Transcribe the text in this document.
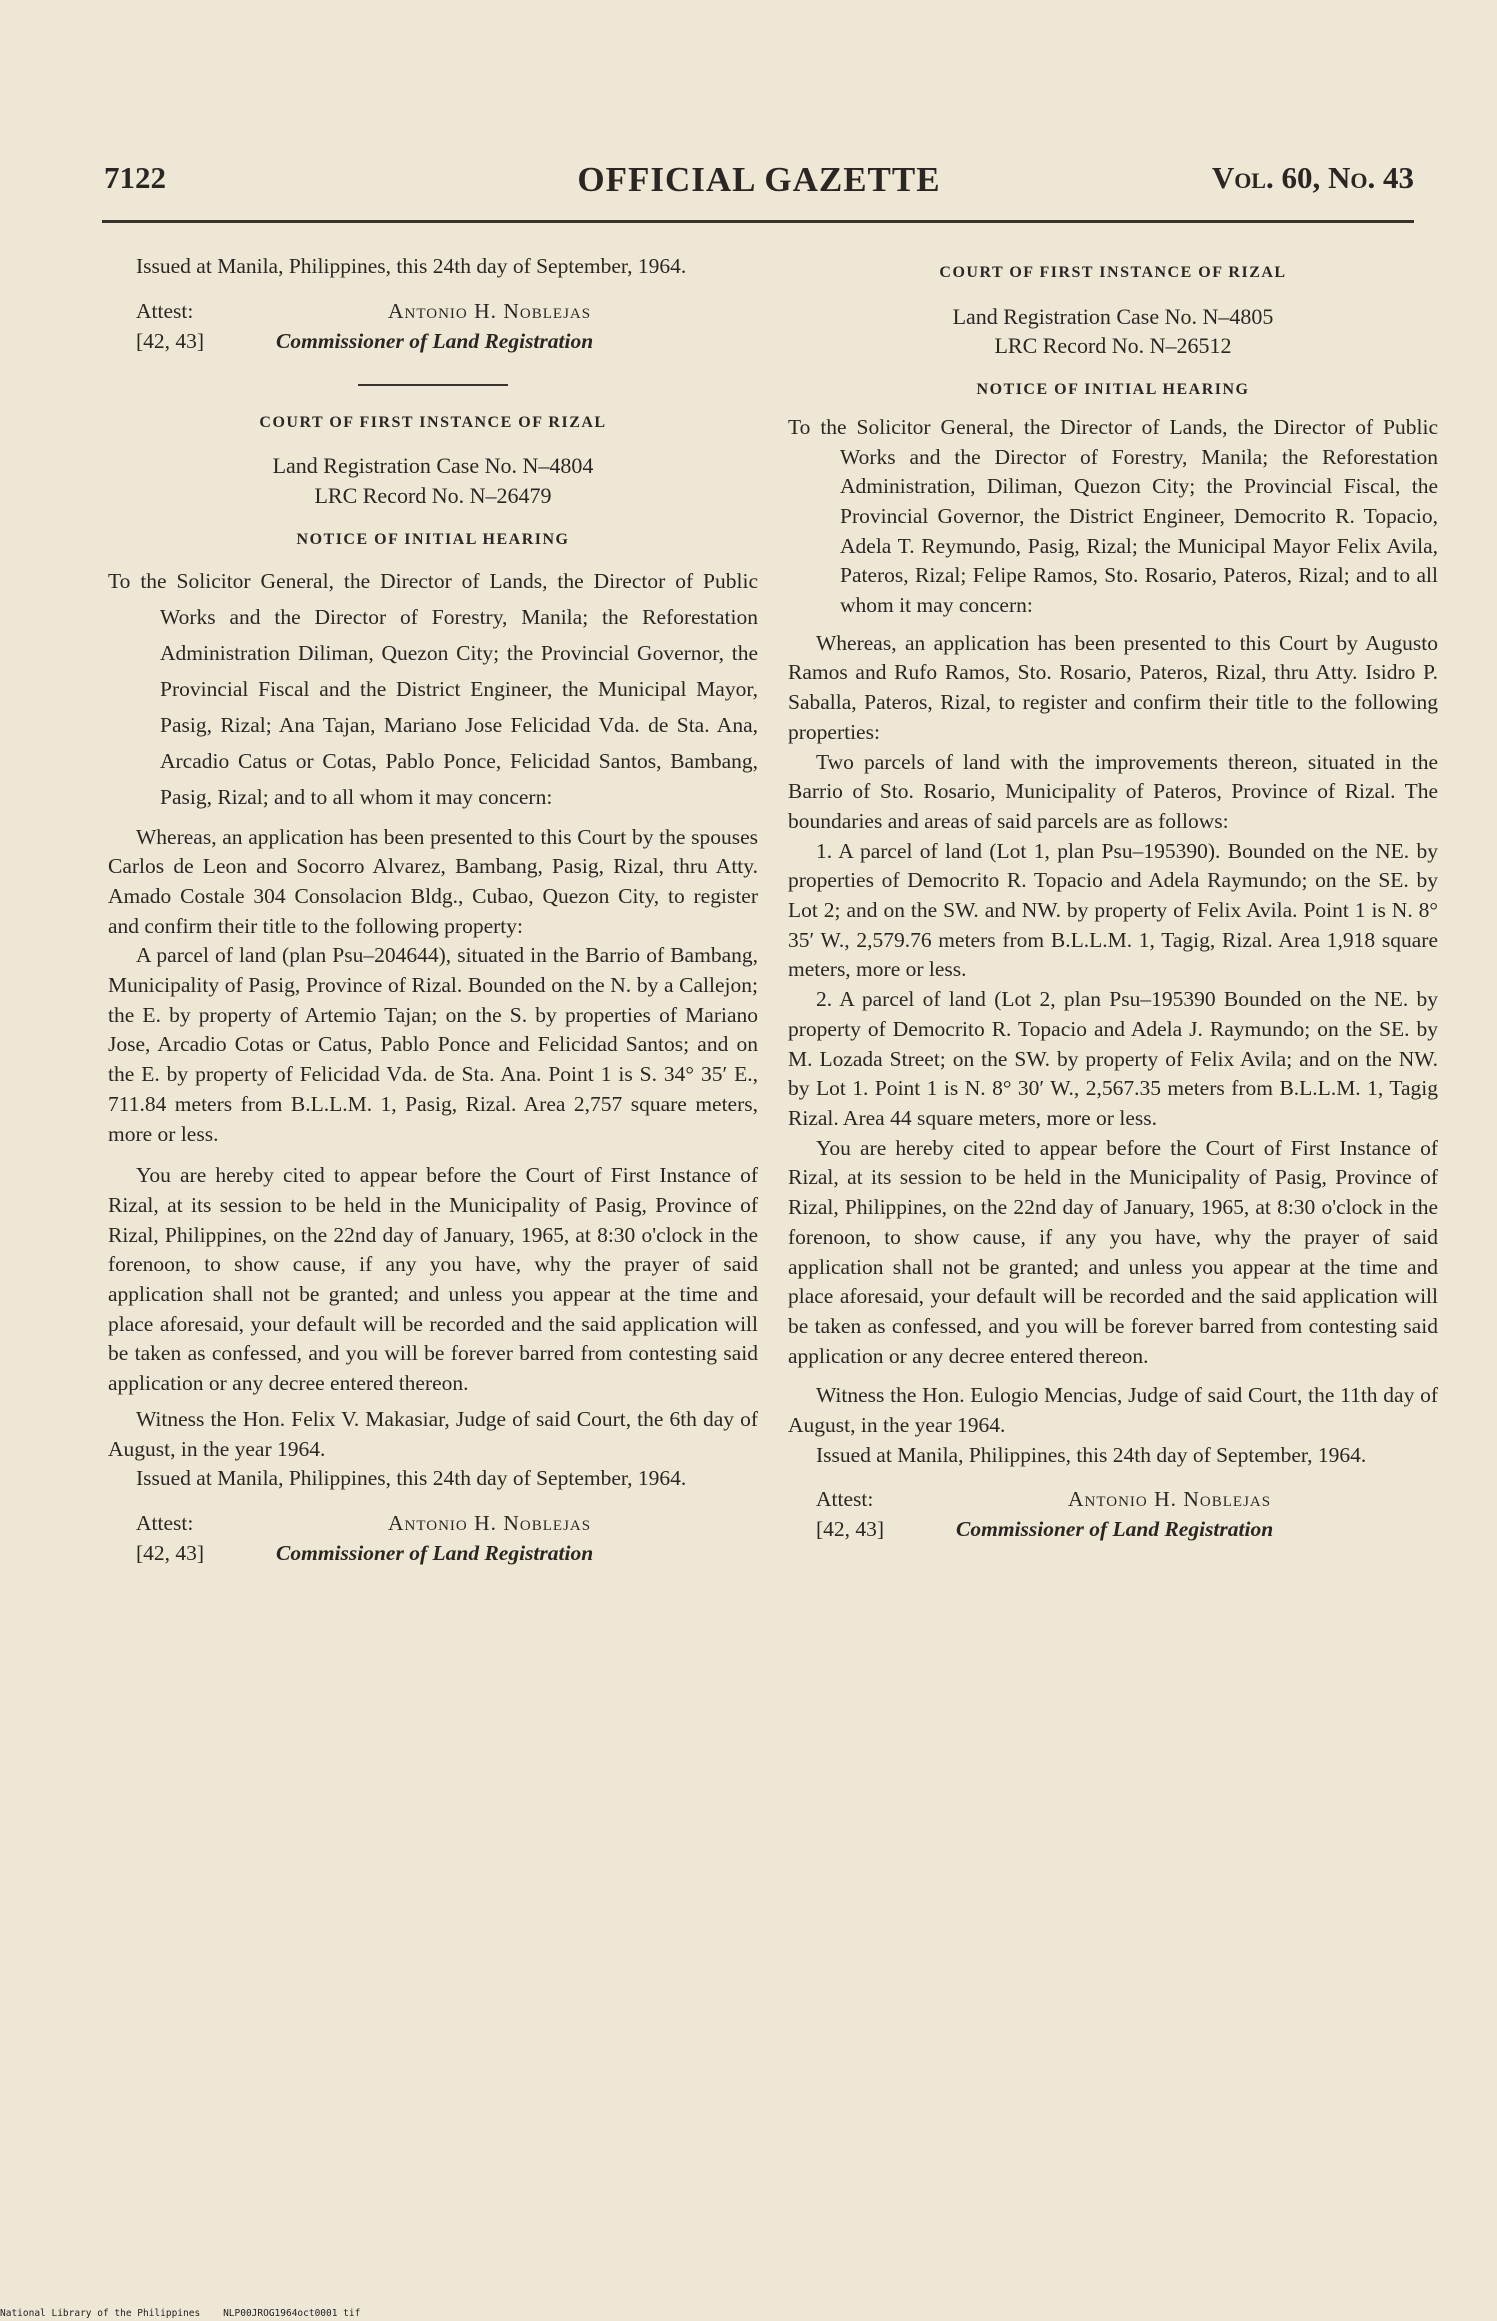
7122	OFFICIAL GAZETTE	Vol. 60, No. 43

Issued at Manila, Philippines, this 24th day of September, 1964.

Attest:
[42, 43]
Antonio H. Noblejas
Commissioner of Land Registration

COURT OF FIRST INSTANCE OF RIZAL

Land Registration Case No. N–4804

LRC Record No. N–26479

NOTICE OF INITIAL HEARING

To the Solicitor General, the Director of Lands, the Director of Public Works and the Director of Forestry, Manila; the Reforestation Administration Diliman, Quezon City; the Provincial Governor, the Provincial Fiscal and the District Engineer, the Municipal Mayor, Pasig, Rizal; Ana Tajan, Mariano Jose Felicidad Vda. de Sta. Ana, Arcadio Catus or Cotas, Pablo Ponce, Felicidad Santos, Bambang, Pasig, Rizal; and to all whom it may concern:

Whereas, an application has been presented to this Court by the spouses Carlos de Leon and Socorro Alvarez, Bambang, Pasig, Rizal, thru Atty. Amado Costale 304 Consolacion Bldg., Cubao, Quezon City, to register and confirm their title to the following property:

A parcel of land (plan Psu–204644), situated in the Barrio of Bambang, Municipality of Pasig, Province of Rizal. Bounded on the N. by a Callejon; the E. by property of Artemio Tajan; on the S. by properties of Mariano Jose, Arcadio Cotas or Catus, Pablo Ponce and Felicidad Santos; and on the E. by property of Felicidad Vda. de Sta. Ana. Point 1 is S. 34° 35′ E., 711.84 meters from B.L.L.M. 1, Pasig, Rizal. Area 2,757 square meters, more or less.

You are hereby cited to appear before the Court of First Instance of Rizal, at its session to be held in the Municipality of Pasig, Province of Rizal, Philippines, on the 22nd day of January, 1965, at 8:30 o'clock in the forenoon, to show cause, if any you have, why the prayer of said application shall not be granted; and unless you appear at the time and place aforesaid, your default will be recorded and the said application will be taken as confessed, and you will be forever barred from contesting said application or any decree entered thereon.

Witness the Hon. Felix V. Makasiar, Judge of said Court, the 6th day of August, in the year 1964.

Issued at Manila, Philippines, this 24th day of September, 1964.

Attest:
[42, 43]
Antonio H. Noblejas
Commissioner of Land Registration

COURT OF FIRST INSTANCE OF RIZAL

Land Registration Case No. N–4805

LRC Record No. N–26512

NOTICE OF INITIAL HEARING

To the Solicitor General, the Director of Lands, the Director of Public Works and the Director of Forestry, Manila; the Reforestation Administration, Diliman, Quezon City; the Provincial Fiscal, the Provincial Governor, the District Engineer, Democrito R. Topacio, Adela T. Reymundo, Pasig, Rizal; the Municipal Mayor Felix Avila, Pateros, Rizal; Felipe Ramos, Sto. Rosario, Pateros, Rizal; and to all whom it may concern:

Whereas, an application has been presented to this Court by Augusto Ramos and Rufo Ramos, Sto. Rosario, Pateros, Rizal, thru Atty. Isidro P. Saballa, Pateros, Rizal, to register and confirm their title to the following properties:

Two parcels of land with the improvements thereon, situated in the Barrio of Sto. Rosario, Municipality of Pateros, Province of Rizal. The boundaries and areas of said parcels are as follows:

1. A parcel of land (Lot 1, plan Psu–195390). Bounded on the NE. by properties of Democrito R. Topacio and Adela Raymundo; on the SE. by Lot 2; and on the SW. and NW. by property of Felix Avila. Point 1 is N. 8° 35′ W., 2,579.76 meters from B.L.L.M. 1, Tagig, Rizal. Area 1,918 square meters, more or less.

2. A parcel of land (Lot 2, plan Psu–195390 Bounded on the NE. by property of Democrito R. Topacio and Adela J. Raymundo; on the SE. by M. Lozada Street; on the SW. by property of Felix Avila; and on the NW. by Lot 1. Point 1 is N. 8° 30′ W., 2,567.35 meters from B.L.L.M. 1, Tagig Rizal. Area 44 square meters, more or less.

You are hereby cited to appear before the Court of First Instance of Rizal, at its session to be held in the Municipality of Pasig, Province of Rizal, Philippines, on the 22nd day of January, 1965, at 8:30 o'clock in the forenoon, to show cause, if any you have, why the prayer of said application shall not be granted; and unless you appear at the time and place aforesaid, your default will be recorded and the said application will be taken as confessed, and you will be forever barred from contesting said application or any decree entered thereon.

Witness the Hon. Eulogio Mencias, Judge of said Court, the 11th day of August, in the year 1964.

Issued at Manila, Philippines, this 24th day of September, 1964.

Attest:
[42, 43]
Antonio H. Noblejas
Commissioner of Land Registration
National Library of the Philippines NLP00JROG1964oct0001 tif
